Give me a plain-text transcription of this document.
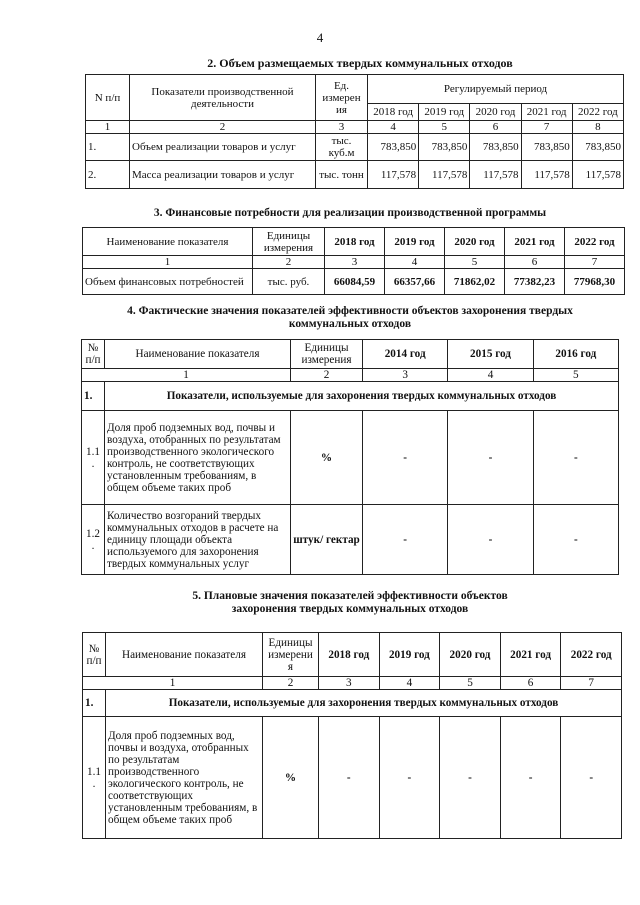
4
2. Объем размещаемых твердых коммунальных отходов
N п/п	Показатели производственной деятельности	Ед. измерен ия	Регулируемый период				
			2018 год	2019 год	2020 год	2021 год	2022 год
1	2	3	4	5	6	7	8
1.	Объем реализации товаров и услуг	тыс. куб.м	783,850	783,850	783,850	783,850	783,850
2.	Масса реализации товаров и услуг	тыс. тонн	117,578	117,578	117,578	117,578	117,578
3. Финансовые потребности для реализации производственной программы
Наименование показателя	Единицы измерения	2018 год	2019 год	2020 год	2021 год	2022 год
1	2	3	4	5	6	7
Объем финансовых потребностей	тыс. руб.	66084,59	66357,66	71862,02	77382,23	77968,30
4. Фактические значения показателей эффективности объектов захоронения твердых
коммунальных отходов
№ п/п	Наименование показателя	Единицы измерения	2014 год	2015 год	2016 год
1		2	3	4	5
1.	Показатели, используемые для захоронения твердых коммунальных отходов				
1.1 .	Доля проб подземных вод, почвы и воздуха, отобранных по результатам производственного экологического контроль, не соответствующих установленным требованиям, в общем объеме таких проб	%	-	-	-
1.2 .	Количество возгораний твердых коммунальных отходов в расчете на единицу площади объекта используемого для захоронения твердых коммунальных услуг	штук/ гектар	-	-	-
5. Плановые значения показателей эффективности объектов
захоронения твердых коммунальных отходов
№ п/п	Наименование показателя	Единицы измерени я	2018 год	2019 год	2020 год	2021 год	2022 год
1		2	3	4	5	6	7
1.	Показатели, используемые для захоронения твердых коммунальных отходов						
1.1 .	Доля проб подземных вод, почвы и воздуха, отобранных по результатам производственного экологического контроль, не соответствующих установленным требованиям, в общем объеме таких проб	%	-	-	-	-	-
